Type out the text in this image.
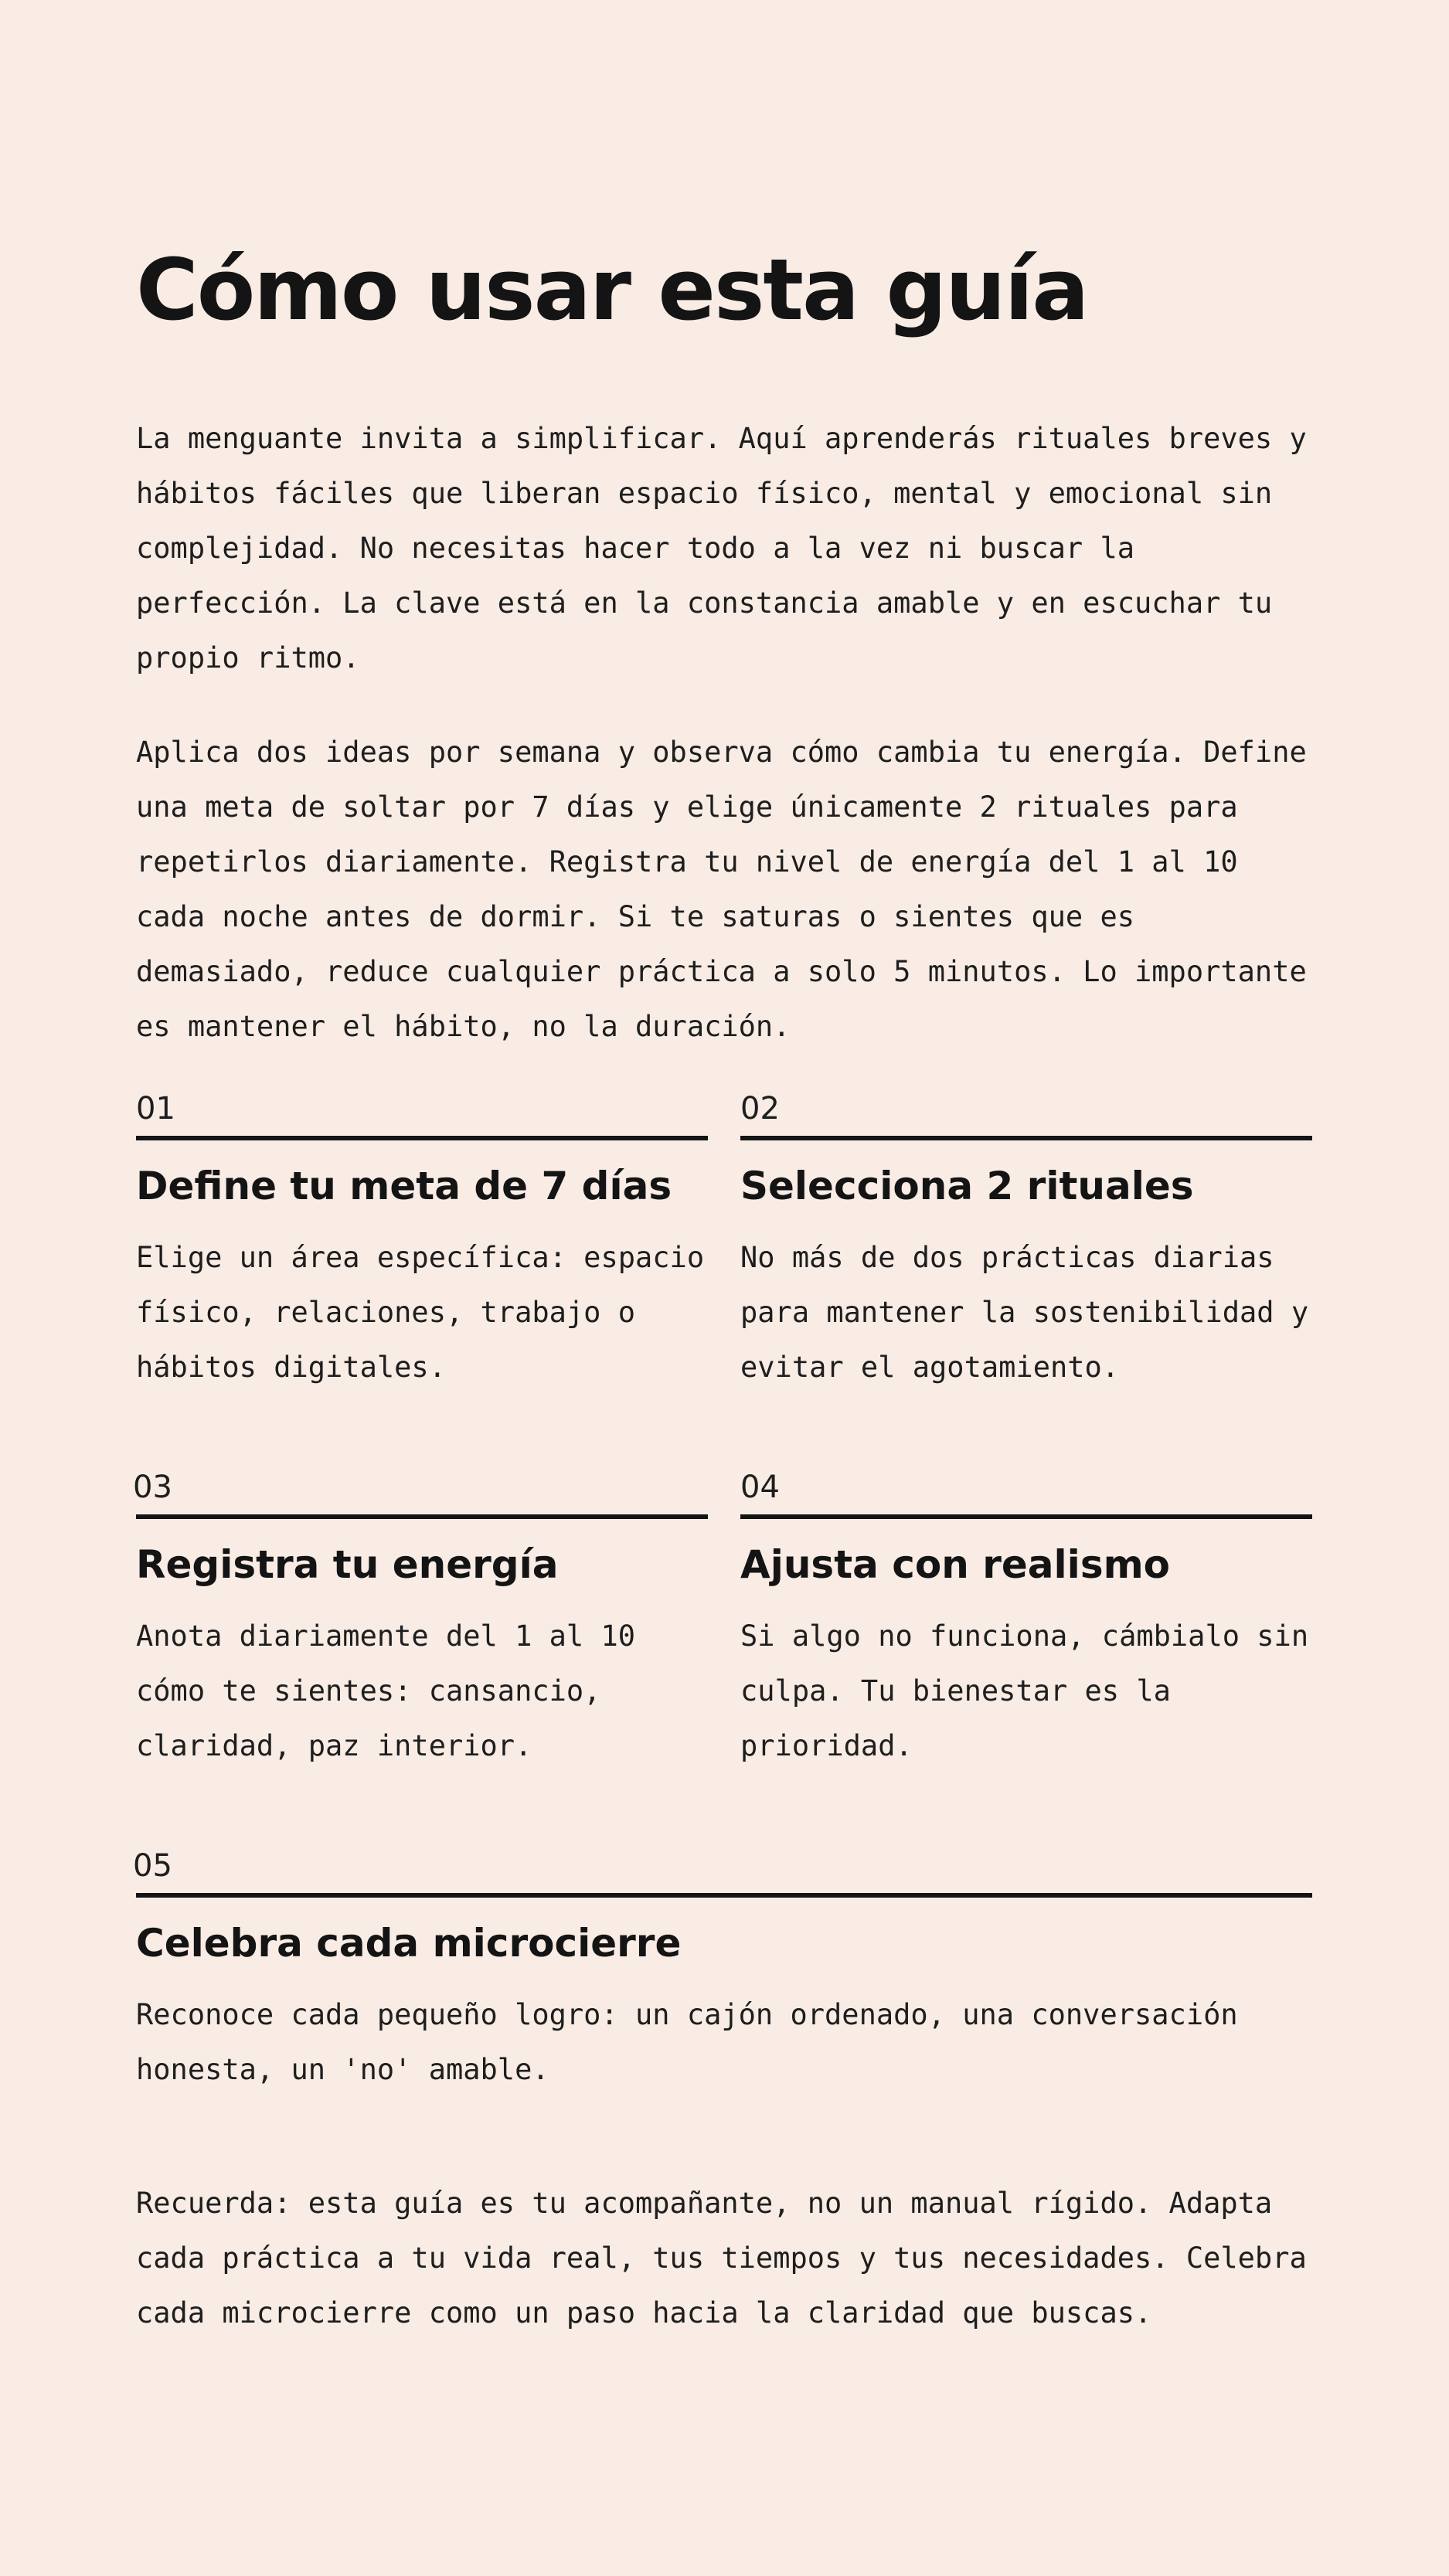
Cómo usar esta guía

La menguante invita a simplificar. Aquí aprenderás rituales breves y hábitos fáciles que liberan espacio físico, mental y emocional sin complejidad. No necesitas hacer todo a la vez ni buscar la perfección. La clave está en la constancia amable y en escuchar tu propio ritmo.

Aplica dos ideas por semana y observa cómo cambia tu energía. Define una meta de soltar por 7 días y elige únicamente 2 rituales para repetirlos diariamente. Registra tu nivel de energía del 1 al 10 cada noche antes de dormir. Si te saturas o sientes que es demasiado, reduce cualquier práctica a solo 5 minutos. Lo importante es mantener el hábito, no la duración.

01
Define tu meta de 7 días

Elige un área específica: espacio físico, relaciones, trabajo o hábitos digitales.

02
Selecciona 2 rituales

No más de dos prácticas diarias para mantener la sostenibilidad y evitar el agotamiento.

03
Registra tu energía

Anota diariamente del 1 al 10 cómo te sientes: cansancio, claridad, paz interior.

04
Ajusta con realismo

Si algo no funciona, cámbialo sin culpa. Tu bienestar es la prioridad.

05
Celebra cada microcierre

Reconoce cada pequeño logro: un cajón ordenado, una conversación honesta, un 'no' amable.

Recuerda: esta guía es tu acompañante, no un manual rígido. Adapta cada práctica a tu vida real, tus tiempos y tus necesidades. Celebra cada microcierre como un paso hacia la claridad que buscas.
